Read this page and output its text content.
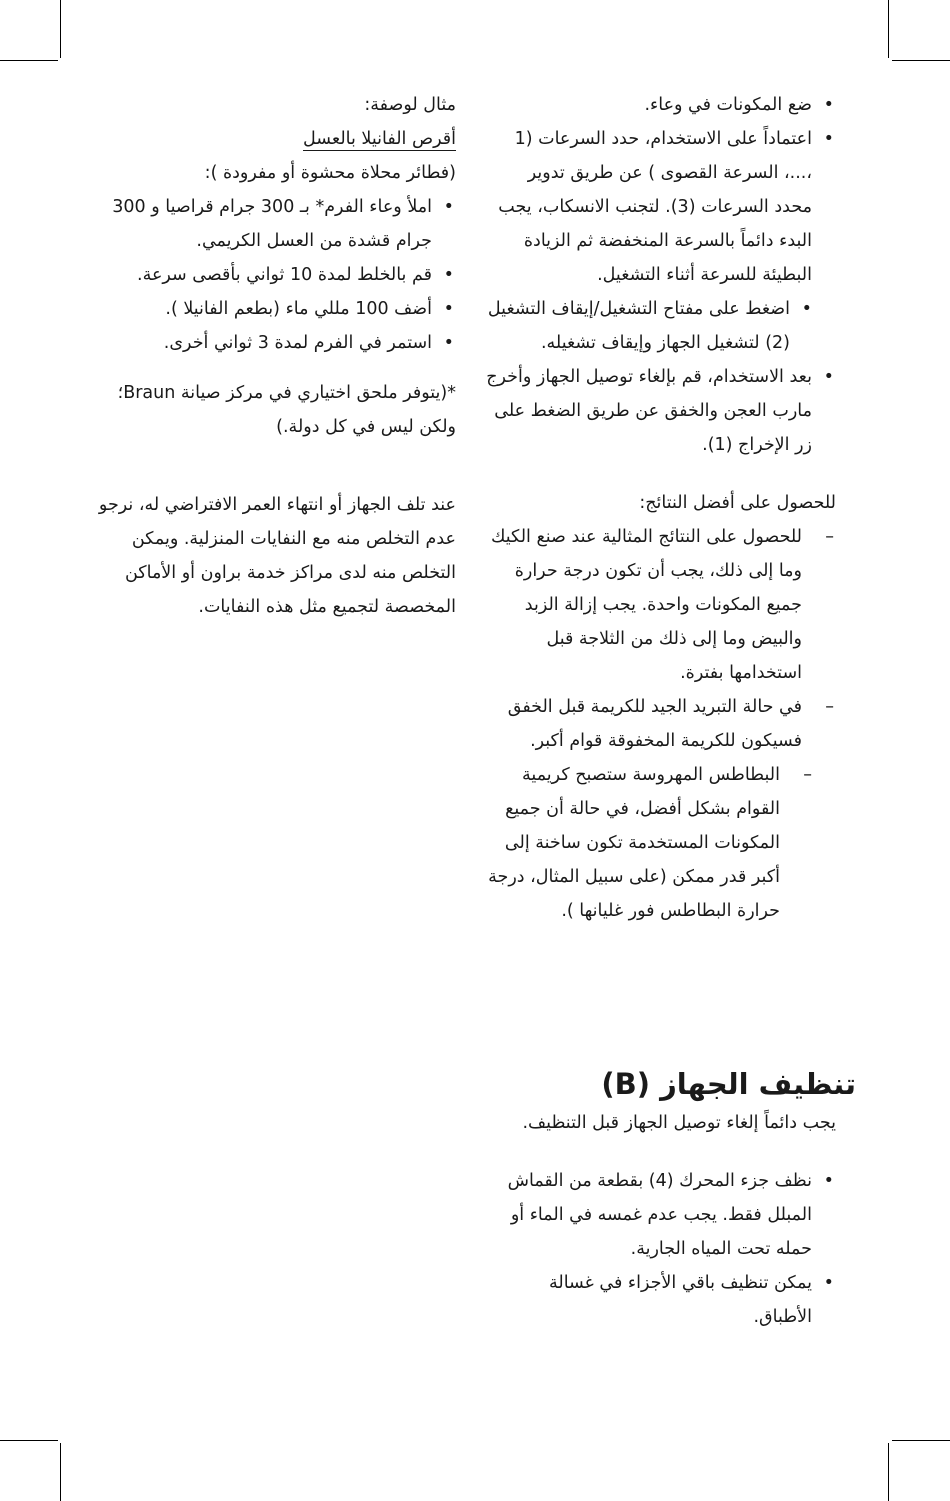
• ضع المكونات في وعاء.
• اعتماداً على الاستخدام، حدد السرعات (1 ،...، السرعة القصوى ) عن طريق تدوير محدد السرعات (3). لتجنب الانسكاب، يجب البدء دائماً بالسرعة المنخفضة ثم الزيادة البطيئة للسرعة أثناء التشغيل.
• اضغط على مفتاح التشغيل/إيقاف التشغيل (2) لتشغيل الجهاز وإيقاف تشغيله.
• بعد الاستخدام، قم بإلغاء توصيل الجهاز وأخرج مارب العجن والخفق عن طريق الضغط على زر الإخراج (1).

للحصول على أفضل النتائج:

– للحصول على النتائج المثالية عند صنع الكيك وما إلى ذلك، يجب أن تكون درجة حرارة جميع المكونات واحدة. يجب إزالة الزبد والبيض وما إلى ذلك من الثلاجة قبل استخدامها بفترة.
– في حالة التبريد الجيد للكريمة قبل الخفق فسيكون للكريمة المخفوقة قوام أكبر.
– البطاطس المهروسة ستصبح كريمية القوام بشكل أفضل، في حالة أن جميع المكونات المستخدمة تكون ساخنة إلى أكبر قدر ممكن (على سبيل المثال، درجة حرارة البطاطس فور غليانها ).

مثال لوصفة:

أقرص الفانيلا بالعسل

(فطائر محلاة محشوة أو مفرودة ):

• املأ وعاء الفرم* بـ 300 جرام قراصيا و 300 جرام قشدة من العسل الكريمي.
• قم بالخلط لمدة 10 ثواني بأقصى سرعة.
• أضف 100 مللي ماء (بطعم الفانيلا ).
• استمر في الفرم لمدة 3 ثواني أخرى.

*(يتوفر ملحق اختياري في مركز صيانة Braun؛ ولكن ليس في كل دولة.)

عند تلف الجهاز أو انتهاء العمر الافتراضي له، نرجو عدم التخلص منه مع النفايات المنزلية. ويمكن التخلص منه لدى مراكز خدمة براون أو الأماكن المخصصة لتجميع مثل هذه النفايات.

تنظيف الجهاز (B)

يجب دائماً إلغاء توصيل الجهاز قبل التنظيف.

• نظف جزء المحرك (4) بقطعة من القماش المبلل فقط. يجب عدم غمسه في الماء أو حمله تحت المياه الجارية.
• يمكن تنظيف باقي الأجزاء في غسالة الأطباق.
